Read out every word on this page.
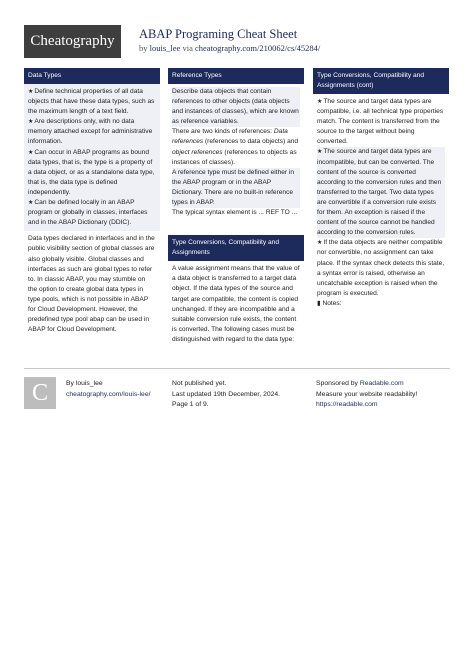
Cheatography	ABAP Programing Cheat Sheet
by louis_lee via cheatography.com/210062/cs/45284/
Data Types

★ Define technical properties of all data objects that have these data types, such as the maximum length of a text field.

★ Are descriptions only, with no data memory attached except for administrative information.

★ Can occur in ABAP programs as bound data types, that is, the type is a property of a data object, or as a standalone data type, that is, the data type is defined independently.

★ Can be defined locally in an ABAP program or globally in classes, interfaces and in the ABAP Dictionary (DDIC).

Data types declared in interfaces and in the public visibility section of global classes are also globally visible. Global classes and interfaces as such are global types to refer to. In classic ABAP, you may stumble on the option to create global data types in type pools, which is not possible in ABAP for Cloud Development. However, the predefined type pool abap can be used in ABAP for Cloud Development.
Reference Types

Describe data objects that contain references to other objects (data objects and instances of classes), which are known as reference variables.

There are two kinds of references: Data references (references to data objects) and object references (references to objects as instances of classes).

A reference type must be defined either in the ABAP program or in the ABAP Dictionary. There are no built-in reference types in ABAP.

The typical syntax element is ... REF TO ...

Type Conversions, Compatibility and Assignments
A value assignment means that the value of a data object is transferred to a target data object. If the data types of the source and target are compatible, the content is copied unchanged. If they are incompatible and a suitable conversion rule exists, the content is converted. The following cases must be distinguished with regard to the data type:
Type Conversions, Compatibility and Assignments (cont)

★ The source and target data types are compatible, i.e. all technical type properties match. The content is transferred from the source to the target without being converted.

★ The source and target data types are incompatible, but can be converted. The content of the source is converted according to the conversion rules and then transferred to the target. Two data types are convertible if a conversion rule exists for them. An exception is raised if the content of the source cannot be handled according to the conversion rules.

★ If the data objects are neither compatible nor convertible, no assignment can take place. If the syntax check detects this state, a syntax error is raised, otherwise an uncatchable exception is raised when the program is executed.

▮ Notes:

C	By louis_lee
cheatography.com/louis-lee/
Not published yet.
Last updated 19th December, 2024.
Page 1 of 9.
Sponsored by Readable.com
Measure your website readability!
https://readable.com
